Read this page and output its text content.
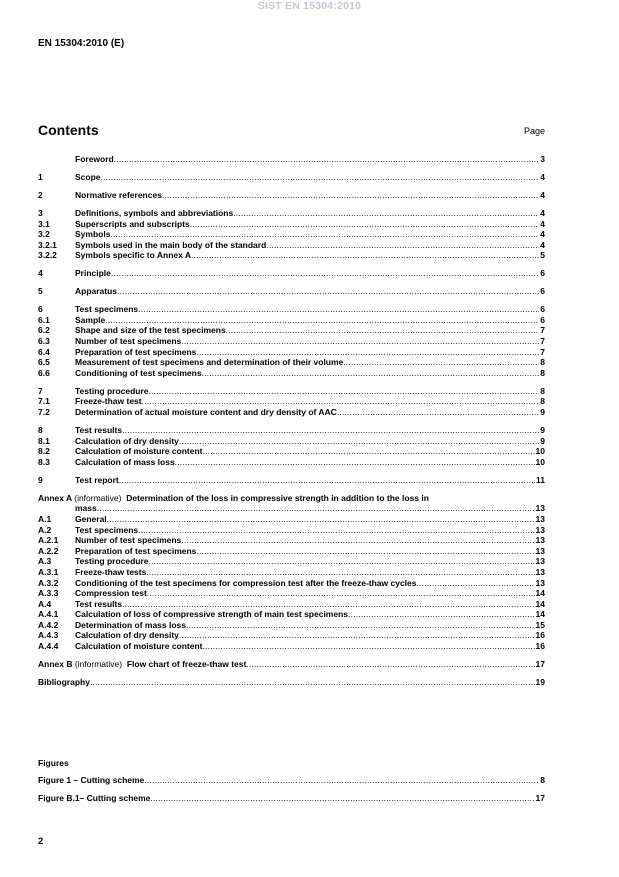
SIST EN 15304:2010
EN 15304:2010 (E)
Contents	Page
Foreword .....	3
1	Scope .....	4
2	Normative references .....	4
3	Definitions, symbols and abbreviations .....	4
3.1	Superscripts and subscripts .....	4
3.2	Symbols .....	4
3.2.1	Symbols used in the main body of the standard .....	4
3.2.2	Symbols specific to Annex A .....	5
4	Principle .....	6
5	Apparatus .....	6
6	Test specimens .....	6
6.1	Sample .....	6
6.2	Shape and size of the test specimens .....	7
6.3	Number of test specimens .....	7
6.4	Preparation of test specimens .....	7
6.5	Measurement of test specimens and determination of their volume .....	8
6.6	Conditioning of test specimens .....	8
7	Testing procedure .....	8
7.1	Freeze-thaw test .....	8
7.2	Determination of actual moisture content and dry density of AAC .....	9
8	Test results .....	9
8.1	Calculation of dry density .....	9
8.2	Calculation of moisture content .....	10
8.3	Calculation of mass loss .....	10
9	Test report .....	11
Annex A (informative) Determination of the loss in compressive strength in addition to the loss in
mass .....	13
A.1	General .....	13
A.2	Test specimens .....	13
A.2.1	Number of test specimens .....	13
A.2.2	Preparation of test specimens .....	13
A.3	Testing procedure .....	13
A.3.1	Freeze-thaw tests .....	13
A.3.2	Conditioning of the test specimens for compression test after the freeze-thaw cycles .....	13
A.3.3	Compression test .....	14
A.4	Test results .....	14
A.4.1	Calculation of loss of compressive strength of main test specimens .....	14
A.4.2	Determination of mass loss .....	15
A.4.3	Calculation of dry density .....	16
A.4.4	Calculation of moisture content .....	16
Annex B (informative) Flow chart of freeze-thaw test .....	17
Bibliography .....	19
Figures
Figure 1 – Cutting scheme .....	8
Figure B.1– Cutting scheme .....	17
2
